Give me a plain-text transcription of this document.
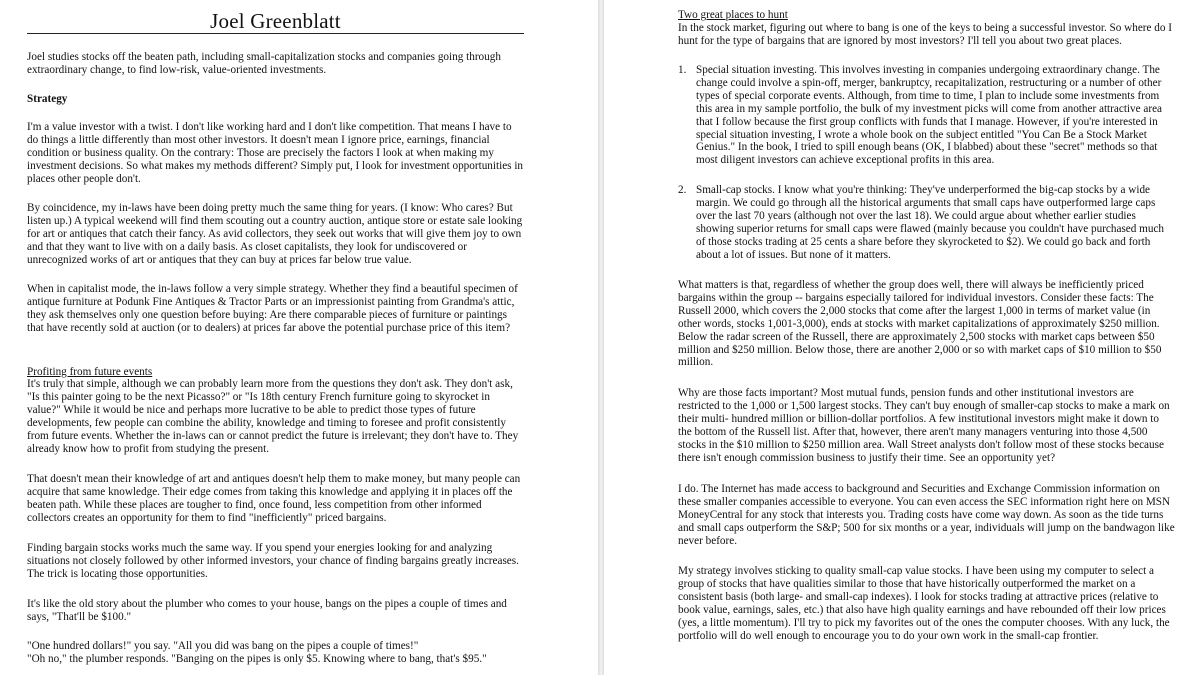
Joel Greenblatt

Joel studies stocks off the beaten path, including small-capitalization stocks and companies going through extraordinary change, to find low-risk, value-oriented investments.

Strategy

I'm a value investor with a twist. I don't like working hard and I don't like competition. That means I have to do things a little differently than most other investors. It doesn't mean I ignore price, earnings, financial condition or business quality. On the contrary: Those are precisely the factors I look at when making my investment decisions. So what makes my methods different? Simply put, I look for investment opportunities in places other people don't.

By coincidence, my in-laws have been doing pretty much the same thing for years. (I know: Who cares? But listen up.) A typical weekend will find them scouting out a country auction, antique store or estate sale looking for art or antiques that catch their fancy. As avid collectors, they seek out works that will give them joy to own and that they want to live with on a daily basis. As closet capitalists, they look for undiscovered or unrecognized works of art or antiques that they can buy at prices far below true value.

When in capitalist mode, the in-laws follow a very simple strategy. Whether they find a beautiful specimen of antique furniture at Podunk Fine Antiques & Tractor Parts or an impressionist painting from Grandma's attic, they ask themselves only one question before buying: Are there comparable pieces of furniture or paintings that have recently sold at auction (or to dealers) at prices far above the potential purchase price of this item?

Profiting from future events

It's truly that simple, although we can probably learn more from the questions they don't ask. They don't ask, "Is this painter going to be the next Picasso?" or "Is 18th century French furniture going to skyrocket in value?" While it would be nice and perhaps more lucrative to be able to predict those types of future developments, few people can combine the ability, knowledge and timing to foresee and profit consistently from future events. Whether the in-laws can or cannot predict the future is irrelevant; they don't have to. They already know how to profit from studying the present.

That doesn't mean their knowledge of art and antiques doesn't help them to make money, but many people can acquire that same knowledge. Their edge comes from taking this knowledge and applying it in places off the beaten path. While these places are tougher to find, once found, less competition from other informed collectors creates an opportunity for them to find "inefficiently" priced bargains.

Finding bargain stocks works much the same way. If you spend your energies looking for and analyzing situations not closely followed by other informed investors, your chance of finding bargains greatly increases. The trick is locating those opportunities.

It's like the old story about the plumber who comes to your house, bangs on the pipes a couple of times and says, "That'll be $100."

"One hundred dollars!" you say. "All you did was bang on the pipes a couple of times!"

"Oh no," the plumber responds. "Banging on the pipes is only $5. Knowing where to bang, that's $95."

Two great places to hunt

In the stock market, figuring out where to bang is one of the keys to being a successful investor. So where do I hunt for the type of bargains that are ignored by most investors? I'll tell you about two great places.

1. Special situation investing. This involves investing in companies undergoing extraordinary change. The change could involve a spin-off, merger, bankruptcy, recapitalization, restructuring or a number of other types of special corporate events. Although, from time to time, I plan to include some investments from this area in my sample portfolio, the bulk of my investment picks will come from another attractive area that I follow because the first group conflicts with funds that I manage. However, if you're interested in special situation investing, I wrote a whole book on the subject entitled "You Can Be a Stock Market Genius." In the book, I tried to spill enough beans (OK, I blabbed) about these "secret" methods so that most diligent investors can achieve exceptional profits in this area.
2. Small-cap stocks. I know what you're thinking: They've underperformed the big-cap stocks by a wide margin. We could go through all the historical arguments that small caps have outperformed large caps over the last 70 years (although not over the last 18). We could argue about whether earlier studies showing superior returns for small caps were flawed (mainly because you couldn't have purchased much of those stocks trading at 25 cents a share before they skyrocketed to $2). We could go back and forth about a lot of issues. But none of it matters.

What matters is that, regardless of whether the group does well, there will always be inefficiently priced bargains within the group -- bargains especially tailored for individual investors. Consider these facts: The Russell 2000, which covers the 2,000 stocks that come after the largest 1,000 in terms of market value (in other words, stocks 1,001-3,000), ends at stocks with market capitalizations of approximately $250 million. Below the radar screen of the Russell, there are approximately 2,500 stocks with market caps between $50 million and $250 million. Below those, there are another 2,000 or so with market caps of $10 million to $50 million.

Why are those facts important? Most mutual funds, pension funds and other institutional investors are restricted to the 1,000 or 1,500 largest stocks. They can't buy enough of smaller-cap stocks to make a mark on their multi- hundred million or billion-dollar portfolios. A few institutional investors might make it down to the bottom of the Russell list. After that, however, there aren't many managers venturing into those 4,500 stocks in the $10 million to $250 million area. Wall Street analysts don't follow most of these stocks because there isn't enough commission business to justify their time. See an opportunity yet?

I do. The Internet has made access to background and Securities and Exchange Commission information on these smaller companies accessible to everyone. You can even access the SEC information right here on MSN MoneyCentral for any stock that interests you. Trading costs have come way down. As soon as the tide turns and small caps outperform the S&P; 500 for six months or a year, individuals will jump on the bandwagon like never before.

My strategy involves sticking to quality small-cap value stocks. I have been using my computer to select a group of stocks that have qualities similar to those that have historically outperformed the market on a consistent basis (both large- and small-cap indexes). I look for stocks trading at attractive prices (relative to book value, earnings, sales, etc.) that also have high quality earnings and have rebounded off their low prices (yes, a little momentum). I'll try to pick my favorites out of the ones the computer chooses. With any luck, the portfolio will do well enough to encourage you to do your own work in the small-cap frontier.
